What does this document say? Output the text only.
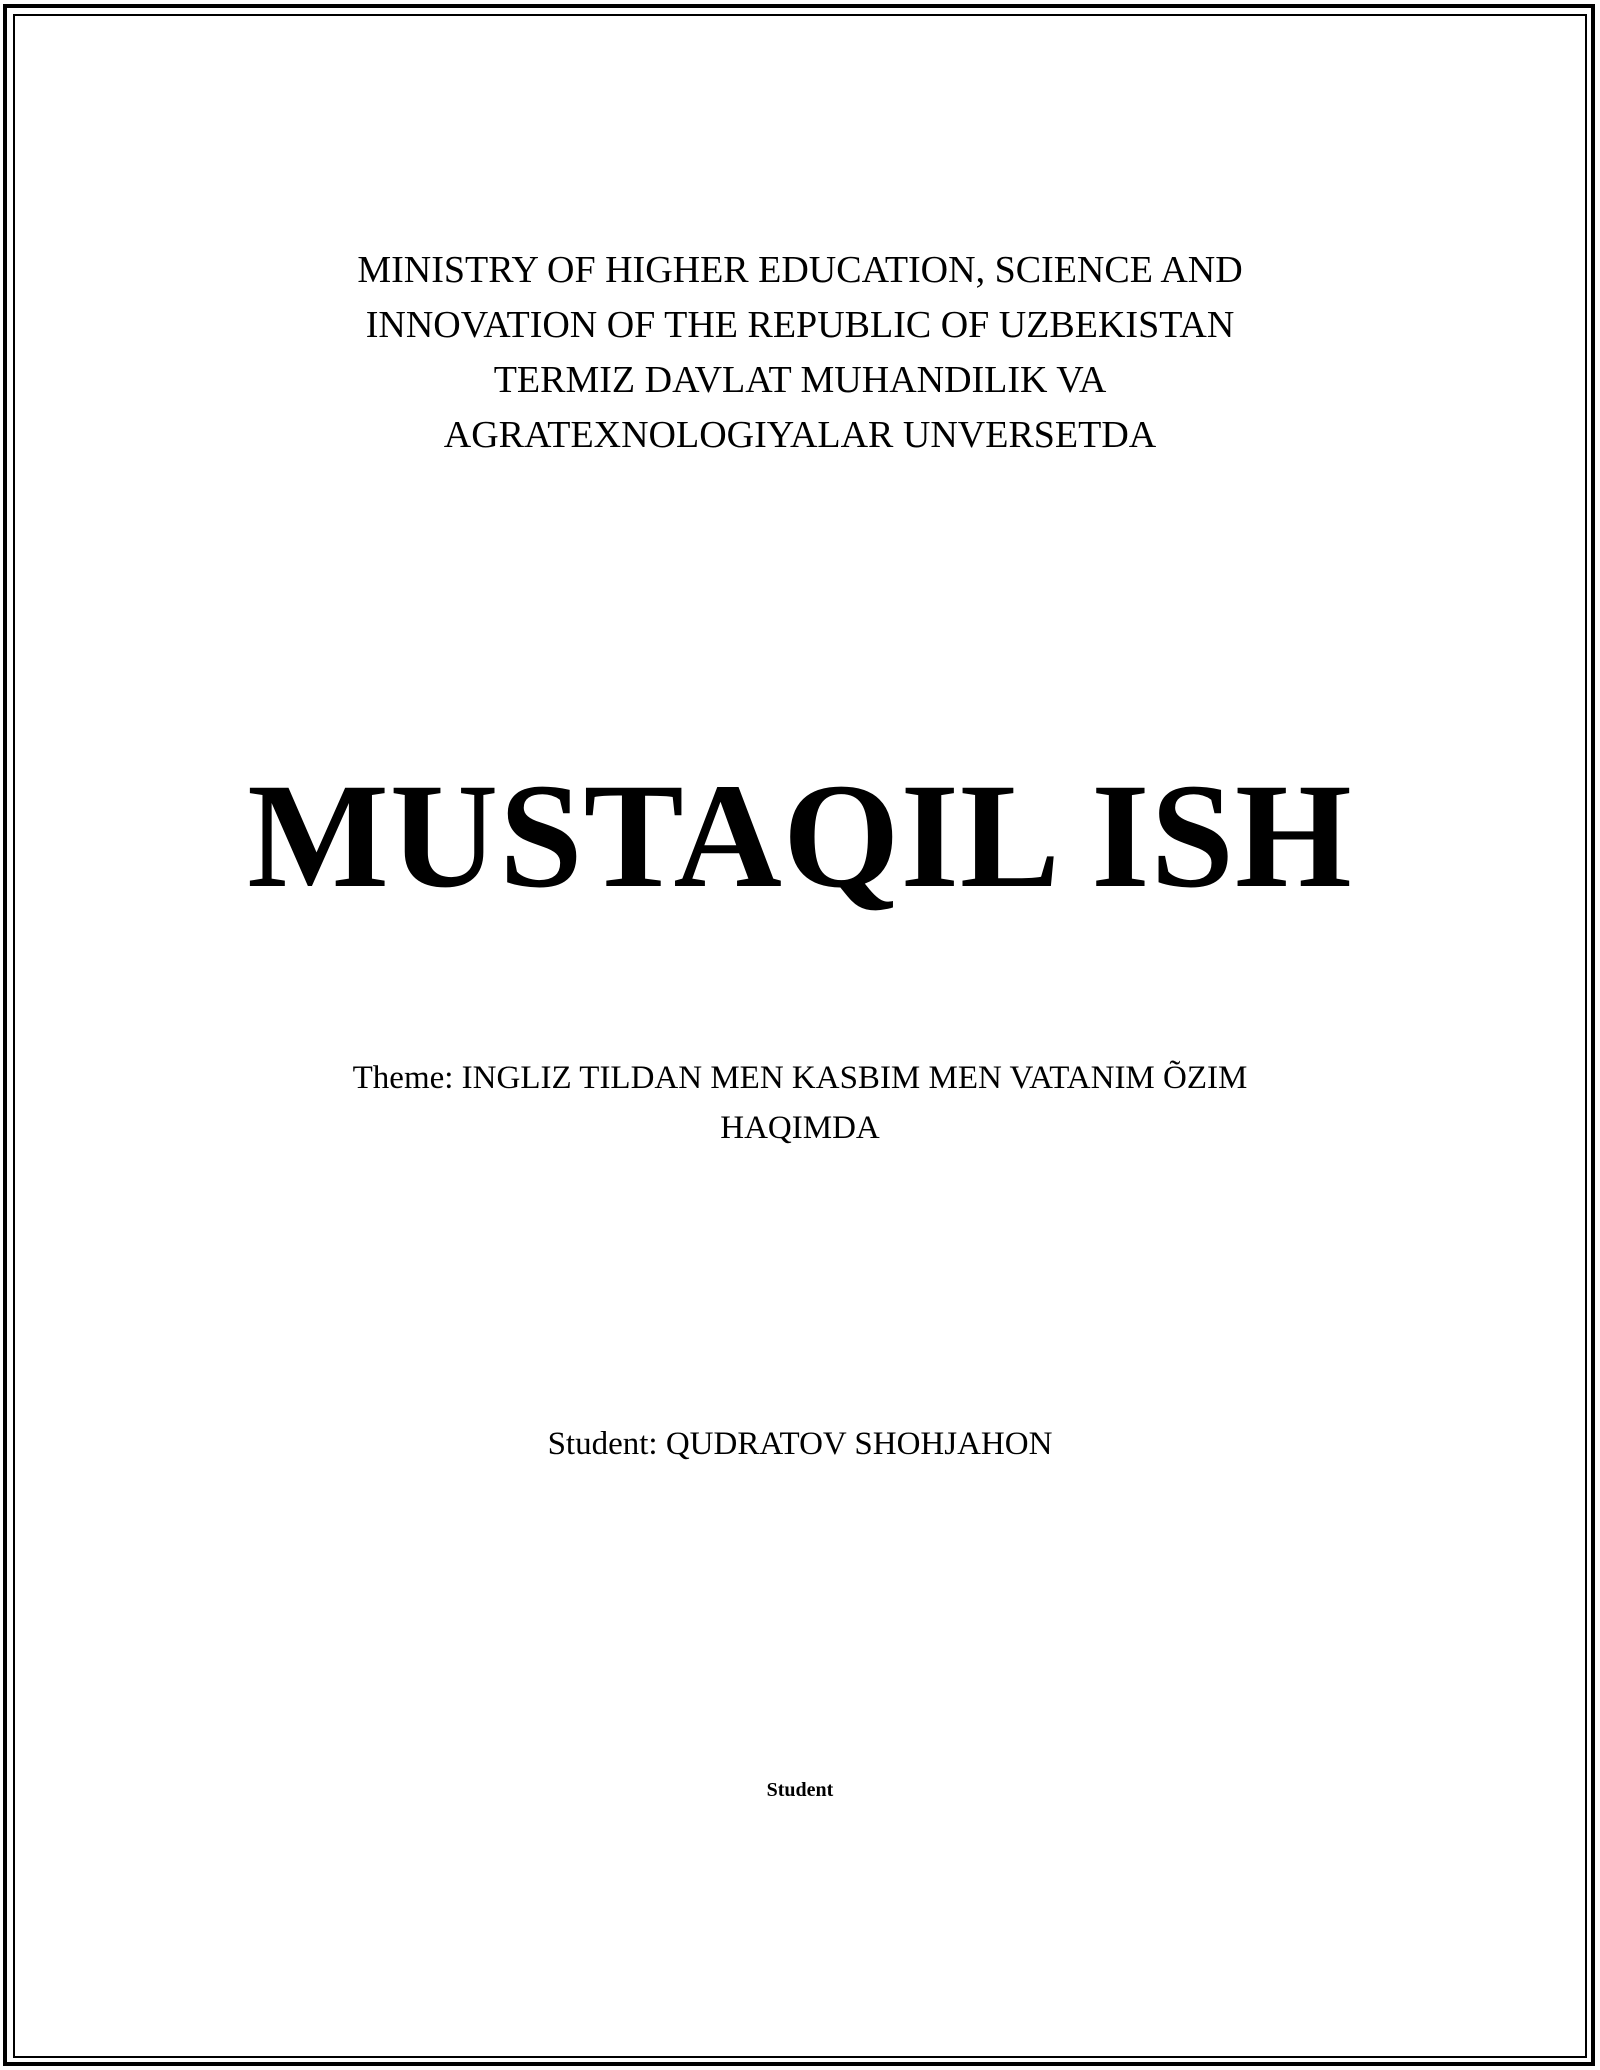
MINISTRY OF HIGHER EDUCATION, SCIENCE AND
INNOVATION OF THE REPUBLIC OF UZBEKISTAN
TERMIZ DAVLAT MUHANDILIK VA
AGRATEXNOLOGIYALAR UNVERSETDA
MUSTAQIL ISH
Theme: INGLIZ TILDAN MEN KASBIM MEN VATANIM ÕZIM
HAQIMDA
Student: QUDRATOV SHOHJAHON
Student
